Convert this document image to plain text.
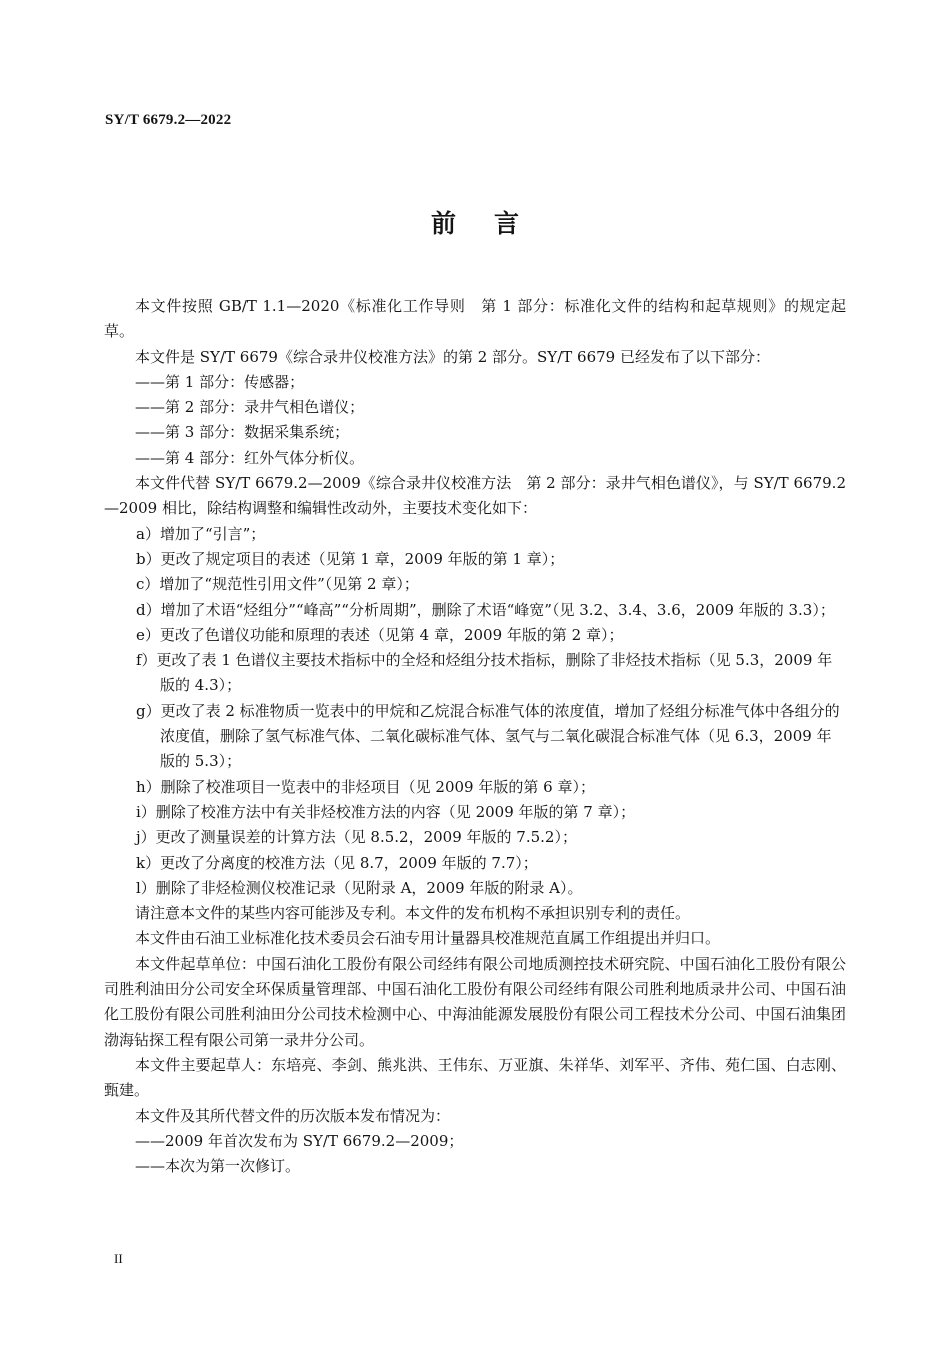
SY/T 6679.2—2022
前言

本文件按照 GB/T 1.1—2020《标准化工作导则　第 1 部分：标准化文件的结构和起草规则》的规定起草。

本文件是 SY/T 6679《综合录井仪校准方法》的第 2 部分。SY/T 6679 已经发布了以下部分：

——第 1 部分：传感器；

——第 2 部分：录井气相色谱仪；

——第 3 部分：数据采集系统；

——第 4 部分：红外气体分析仪。

本文件代替 SY/T 6679.2—2009《综合录井仪校准方法　第 2 部分：录井气相色谱仪》，与 SY/T 6679.2—2009 相比，除结构调整和编辑性改动外，主要技术变化如下：

a）增加了“引言”；

b）更改了规定项目的表述（见第 1 章，2009 年版的第 1 章）；

c）增加了“规范性引用文件”（见第 2 章）；

d）增加了术语“烃组分”“峰高”“分析周期”，删除了术语“峰宽”（见 3.2、3.4、3.6，2009 年版的 3.3）；

e）更改了色谱仪功能和原理的表述（见第 4 章，2009 年版的第 2 章）；

f）更改了表 1 色谱仪主要技术指标中的全烃和烃组分技术指标，删除了非烃技术指标（见 5.3，2009 年版的 4.3）；

g）更改了表 2 标准物质一览表中的甲烷和乙烷混合标准气体的浓度值，增加了烃组分标准气体中各组分的浓度值，删除了氢气标准气体、二氧化碳标准气体、氢气与二氧化碳混合标准气体（见 6.3，2009 年版的 5.3）；

h）删除了校准项目一览表中的非烃项目（见 2009 年版的第 6 章）；

i）删除了校准方法中有关非烃校准方法的内容（见 2009 年版的第 7 章）；

j）更改了测量误差的计算方法（见 8.5.2，2009 年版的 7.5.2）；

k）更改了分离度的校准方法（见 8.7，2009 年版的 7.7）；

l）删除了非烃检测仪校准记录（见附录 A，2009 年版的附录 A）。

请注意本文件的某些内容可能涉及专利。本文件的发布机构不承担识别专利的责任。

本文件由石油工业标准化技术委员会石油专用计量器具校准规范直属工作组提出并归口。

本文件起草单位：中国石油化工股份有限公司经纬有限公司地质测控技术研究院、中国石油化工股份有限公司胜利油田分公司安全环保质量管理部、中国石油化工股份有限公司经纬有限公司胜利地质录井公司、中国石油化工股份有限公司胜利油田分公司技术检测中心、中海油能源发展股份有限公司工程技术分公司、中国石油集团渤海钻探工程有限公司第一录井分公司。

本文件主要起草人：东培亮、李剑、熊兆洪、王伟东、万亚旗、朱祥华、刘军平、齐伟、苑仁国、白志刚、甄建。

本文件及其所代替文件的历次版本发布情况为：

——2009 年首次发布为 SY/T 6679.2—2009；

——本次为第一次修订。

II
